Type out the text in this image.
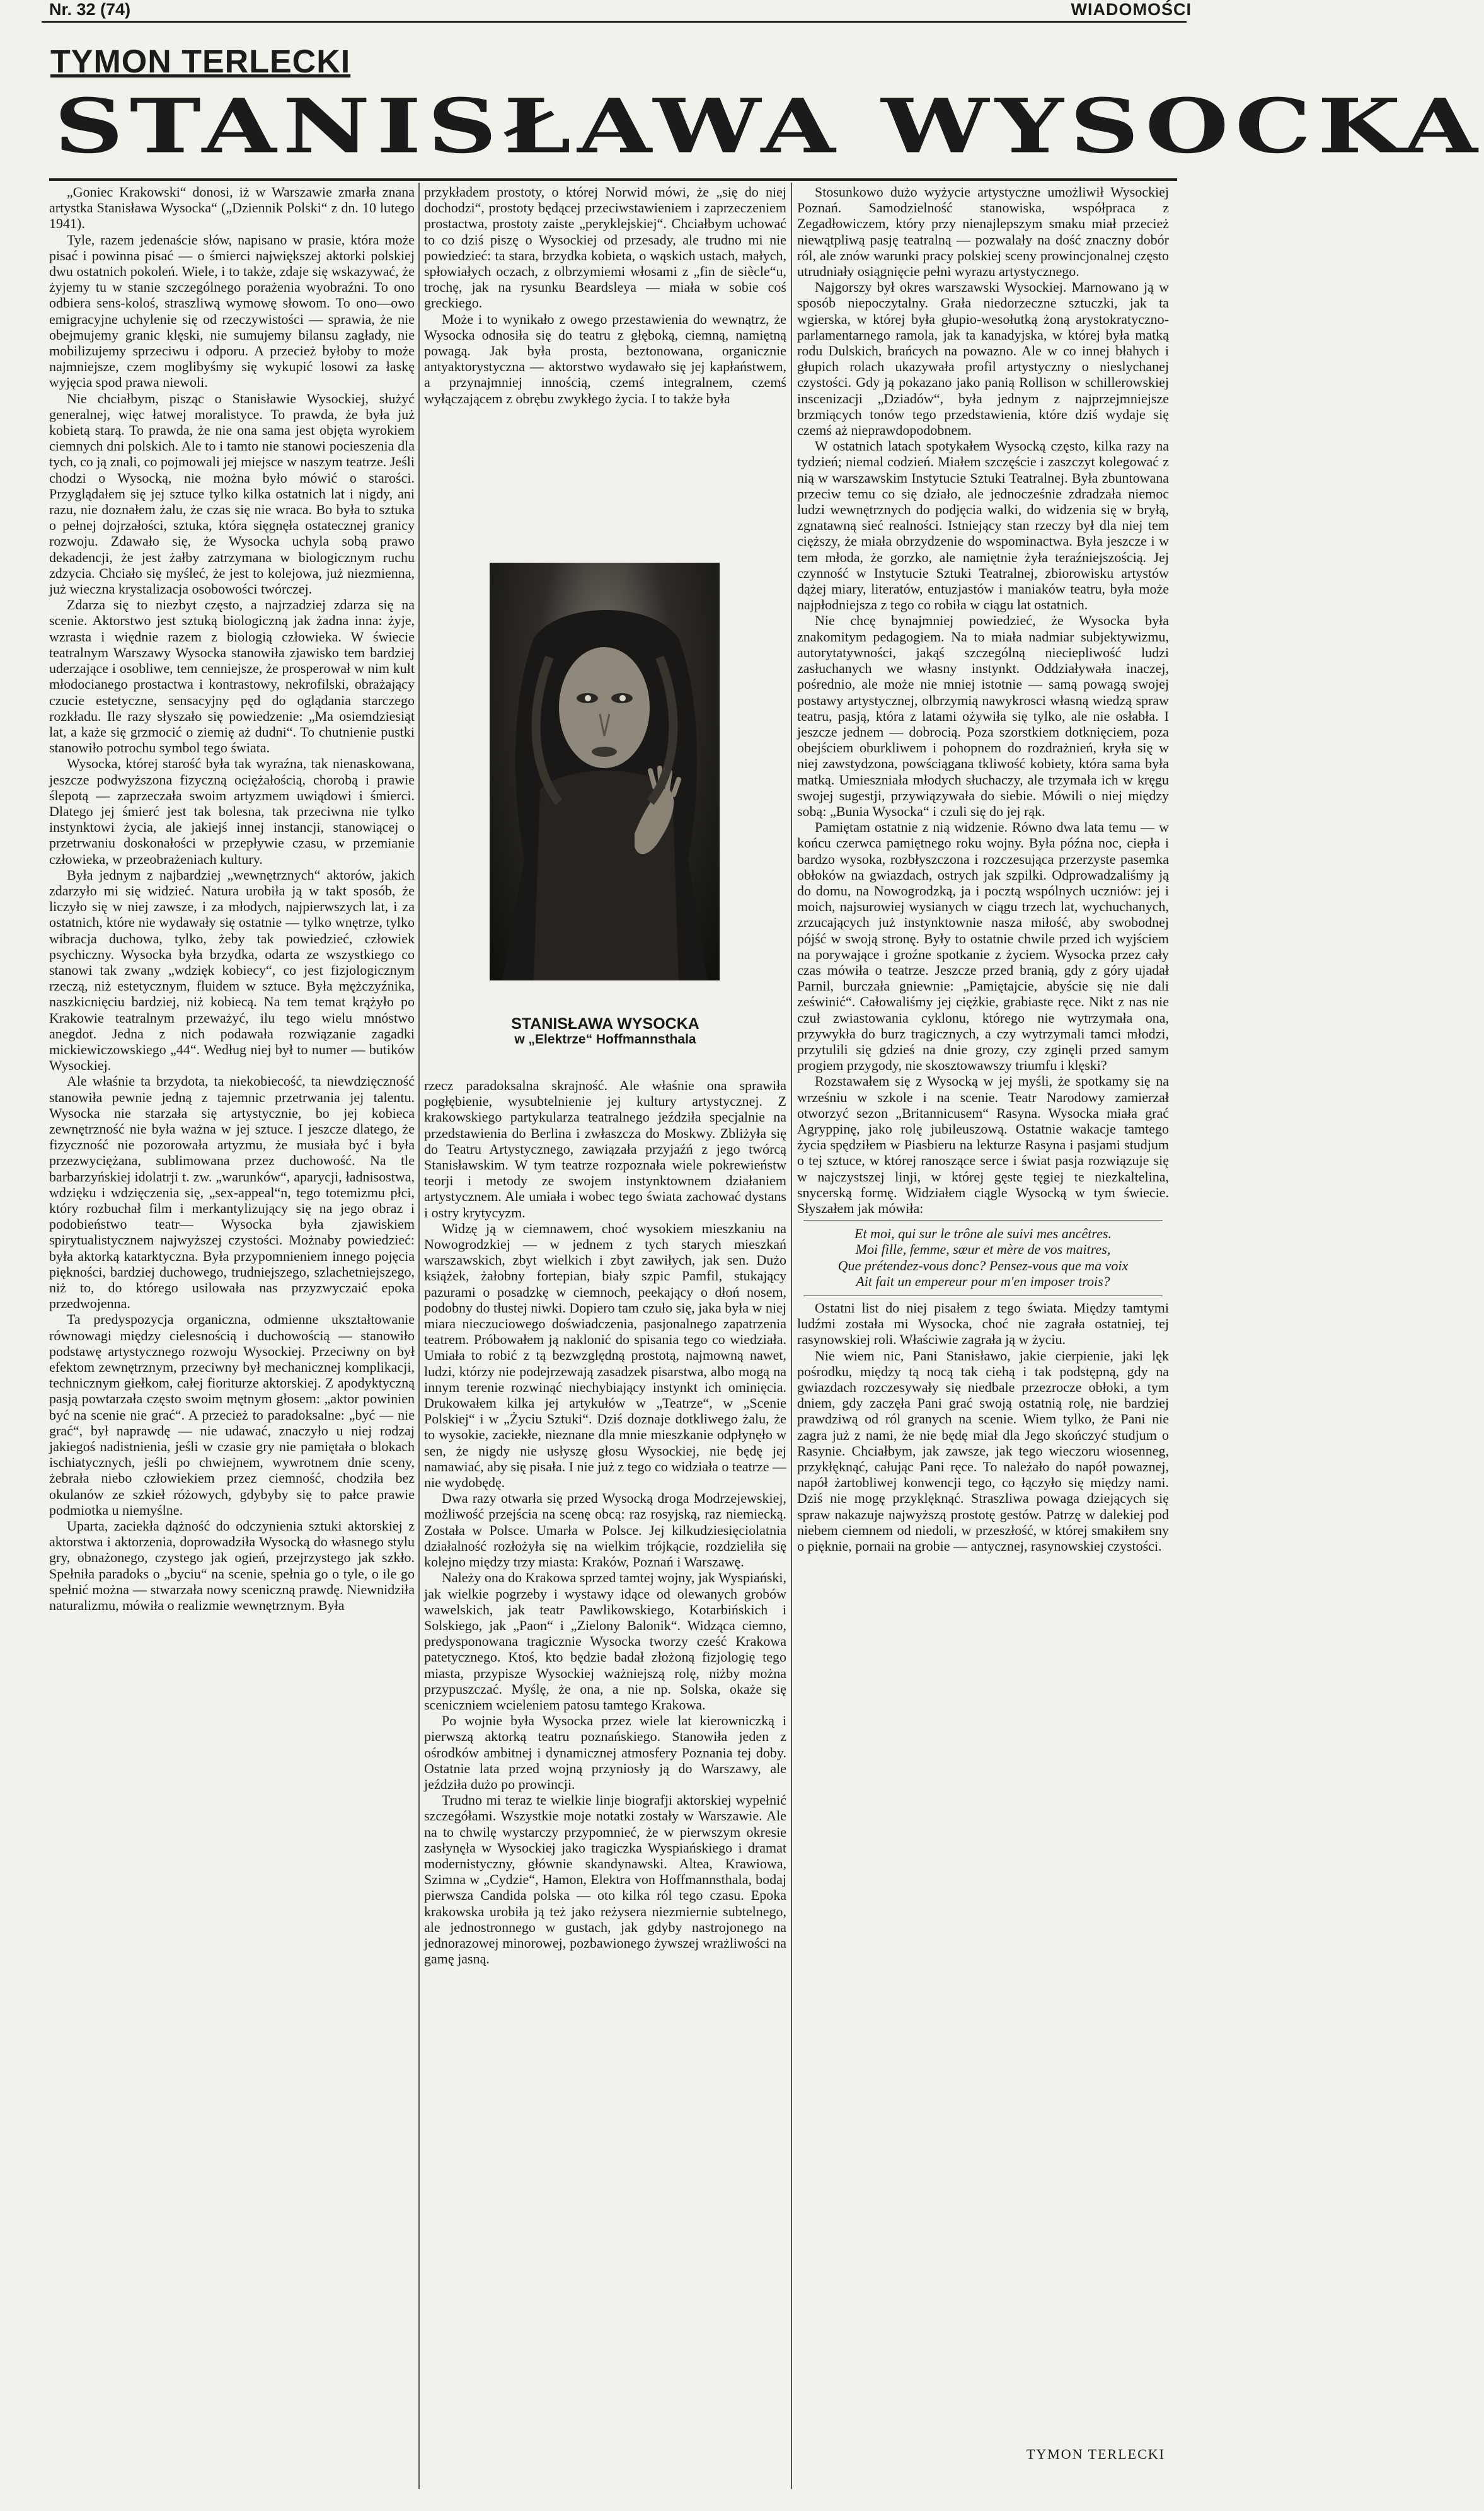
Nr. 32 (74)	WIADOMOŚCI
TYMON TERLECKI
STANISŁAWA WYSOCKA

„Goniec Krakowski“ donosi, iż w Warszawie zmarła znana artystka Stanisława Wysocka“ („Dziennik Polski“ z dn. 10 lutego 1941).

Tyle, razem jedenaście słów, napisano w prasie, która może pisać i powinna pisać — o śmierci największej aktorki polskiej dwu ostatnich pokoleń. Wiele, i to także, zdaje się wskazywać, że żyjemy tu w stanie szczególnego porażenia wyobraźni. To ono odbiera sens-koloś, straszliwą wymowę słowom. To ono—owo emigracyjne uchylenie się od rzeczywistości — sprawia, że nie obejmujemy granic klęski, nie sumujemy bilansu zagłady, nie mobilizujemy sprzeciwu i odporu. A przecież byłoby to może najmniejsze, czem moglibyśmy się wykupić losowi za łaskę wyjęcia spod prawa niewoli.

Nie chciałbym, pisząc o Stanisławie Wysockiej, służyć generalnej, więc łatwej moralistyce. To prawda, że była już kobietą starą. To prawda, że nie ona sama jest objęta wyrokiem ciemnych dni polskich. Ale to i tamto nie stanowi pocieszenia dla tych, co ją znali, co pojmowali jej miejsce w naszym teatrze. Jeśli chodzi o Wysocką, nie można było mówić o starości. Przyglądałem się jej sztuce tylko kilka ostatnich lat i nigdy, ani razu, nie doznałem żalu, że czas się nie wraca. Bo była to sztuka o pełnej dojrzałości, sztuka, która sięgnęła ostatecznej granicy rozwoju. Zdawało się, że Wysocka uchyla sobą prawo dekadencji, że jest żałby zatrzymana w biologicznym ruchu zdzycia. Chciało się myśleć, że jest to kolejowa, już niezmienna, już wieczna krystalizacja osobowości twórczej.

Zdarza się to niezbyt często, a najrzadziej zdarza się na scenie. Aktorstwo jest sztuką biologiczną jak żadna inna: żyje, wzrasta i więdnie razem z biologią człowieka. W świecie teatralnym Warszawy Wysocka stanowiła zjawisko tem bardziej uderzające i osobliwe, tem cenniejsze, że prosperował w nim kult młodocianego prostactwa i kontrastowy, nekrofilski, obrażający czucie estetyczne, sensacyjny pęd do oglądania starczego rozkładu. Ile razy słyszało się powiedzenie: „Ma osiemdziesiąt lat, a każe się grzmocić o ziemię aż dudni“. To chutnienie pustki stanowiło potrochu symbol tego świata.

Wysocka, której starość była tak wyraźna, tak nienaskowana, jeszcze podwyższona fizyczną ociężałością, chorobą i prawie ślepotą — zaprzeczała swoim artyzmem uwiądowi i śmierci. Dlatego jej śmierć jest tak bolesna, tak przeciwna nie tylko instynktowi życia, ale jakiejś innej instancji, stanowiącej o przetrwaniu doskonałości w przepływie czasu, w przemianie człowieka, w przeobrażeniach kultury.

Była jednym z najbardziej „wewnętrznych“ aktorów, jakich zdarzyło mi się widzieć. Natura urobiła ją w takt sposób, że liczyło się w niej zawsze, i za młodych, najpierwszych lat, i za ostatnich, które nie wydawały się ostatnie — tylko wnętrze, tylko wibracja duchowa, tylko, żeby tak powiedzieć, człowiek psychiczny. Wysocka była brzydka, odarta ze wszystkiego co stanowi tak zwany „wdzięk kobiecy“, co jest fizjologicznym rzeczą, niż estetycznym, fluidem w sztuce. Była mężczyźnika, naszkicnięciu bardziej, niż kobiecą. Na tem temat krążyło po Krakowie teatralnym przeważyć, ilu tego wielu mnóstwo anegdot. Jedna z nich podawała rozwiązanie zagadki mickiewiczowskiego „44“. Według niej był to numer — butików Wysockiej.

Ale właśnie ta brzydota, ta niekobiecość, ta niewdzięczność stanowiła pewnie jedną z tajemnic przetrwania jej talentu. Wysocka nie starzała się artystycznie, bo jej kobieca zewnętrzność nie była ważna w jej sztuce. I jeszcze dlatego, że fizyczność nie pozorowała artyzmu, że musiała być i była przezwyciężana, sublimowana przez duchowość. Na tle barbarzyńskiej idolatrji t. zw. „warunków“, aparycji, ładnisostwa, wdzięku i wdzięczenia się, „sex-appeal“n, tego totemizmu płci, który rozbuchał film i merkantylizujący się na jego obraz i podobieństwo teatr— Wysocka była zjawiskiem spirytualistycznem najwyższej czystości. Możnaby powiedzieć: była aktorką katarktyczna. Była przypomnieniem innego pojęcia piękności, bardziej duchowego, trudniejszego, szlachetniejszego, niż to, do którego usilowała nas przyzwyczaić epoka przedwojenna.

Ta predyspozycja organiczna, odmienne ukształtowanie równowagi między cielesnością i duchowością — stanowiło podstawę artystycznego rozwoju Wysockiej. Przeciwny on był efektom zewnętrznym, przeciwny był mechanicznej komplikacji, technicznym giełkom, całej fioriturze aktorskiej. Z apodyktyczną pasją powtarzała często swoim mętnym głosem: „aktor powinien być na scenie nie grać“. A przecież to paradoksalne: „być — nie grać“, był naprawdę — nie udawać, znaczyło u niej rodzaj jakiegoś nadistnienia, jeśli w czasie gry nie pamiętała o blokach ischiatycznych, jeśli po chwiejnem, wywrotnem dnie sceny, żebrała niebo człowiekiem przez ciemność, chodziła bez okulanów ze szkieł różowych, gdybyby się to pałce prawie podmiotka u niemyślne.

Uparta, zaciekła dążność do odczynienia sztuki aktorskiej z aktorstwa i aktorzenia, doprowadziła Wysocką do własnego stylu gry, obnażonego, czystego jak ogień, przejrzystego jak szkło. Spełniła paradoks o „byciu“ na scenie, spełnia go o tyle, o ile go spełnić można — stwarzała nowy sceniczną prawdę. Niewnidziła naturalizmu, mówiła o realizmie wewnętrznym. Była

przykładem prostoty, o której Norwid mówi, że „się do niej dochodzi“, prostoty będącej przeciwstawieniem i zaprzeczeniem prostactwa, prostoty zaiste „peryklejskiej“. Chciałbym uchować to co dziś piszę o Wysockiej od przesady, ale trudno mi nie powiedzieć: ta stara, brzydka kobieta, o wąskich ustach, małych, spłowiałych oczach, z olbrzymiemi włosami z „fin de siècle“u, trochę, jak na rysunku Beardsleya — miała w sobie coś greckiego.

Może i to wynikało z owego przestawienia do wewnątrz, że Wysocka odnosiła się do teatru z głęboką, ciemną, namiętną powagą. Jak była prosta, beztonowana, organicznie antyaktorystyczna — aktorstwo wydawało się jej kapłaństwem, a przynajmniej innością, czemś integralnem, czemś wyłączającem z obrębu zwykłego życia. I to także była

STANISŁAWA WYSOCKA
w „Elektrze“ Hoffmannsthala

rzecz paradoksalna skrajność. Ale właśnie ona sprawiła pogłębienie, wysubtelnienie jej kultury artystycznej. Z krakowskiego partykularza teatralnego jeździła specjalnie na przedstawienia do Berlina i zwłaszcza do Moskwy. Zbliżyła się do Teatru Artystycznego, zawiązała przyjaźń z jego twórcą Stanisławskim. W tym teatrze rozpoznała wiele pokrewieństw teorji i metody ze swojem instynktownem działaniem artystycznem. Ale umiała i wobec tego świata zachować dystans i ostry krytycyzm.

Widzę ją w ciemnawem, choć wysokiem mieszkaniu na Nowogrodzkiej — w jednem z tych starych mieszkań warszawskich, zbyt wielkich i zbyt zawiłych, jak sen. Dużo książek, żałobny fortepian, biały szpic Pamfil, stukający pazurami o posadzkę w ciemnoch, peekający o dłoń nosem, podobny do tłustej niwki. Dopiero tam czuło się, jaka była w niej miara nieczuciowego doświadczenia, pasjonalnego zapatrzenia teatrem. Próbowałem ją naklonić do spisania tego co wiedziała. Umiała to robić z tą bezwzględną prostotą, najmowną nawet, ludzi, którzy nie podejrzewają zasadzek pisarstwa, albo mogą na innym terenie rozwinąć niechybiający instynkt ich ominięcia. Drukowałem kilka jej artykułów w „Teatrze“, w „Scenie Polskiej“ i w „Życiu Sztuki“. Dziś doznaje dotkliwego żalu, że to wysokie, zaciekłe, nieznane dla mnie mieszkanie odpłynęło w sen, że nigdy nie usłyszę głosu Wysockiej, nie będę jej namawiać, aby się pisała. I nie już z tego co widziała o teatrze — nie wydobędę.

Dwa razy otwarła się przed Wysocką droga Modrzejewskiej, możliwość przejścia na scenę obcą: raz rosyjską, raz niemiecką. Została w Polsce. Umarła w Polsce. Jej kilkudziesięciolatnia działalność rozłożyła się na wielkim trójkącie, rozdzieliła się kolejno między trzy miasta: Kraków, Poznań i Warszawę.

Należy ona do Krakowa sprzed tamtej wojny, jak Wyspiański, jak wielkie pogrzeby i wystawy idące od olewanych grobów wawelskich, jak teatr Pawlikowskiego, Kotarbińskich i Solskiego, jak „Paon“ i „Zielony Balonik“. Widząca ciemno, predysponowana tragicznie Wysocka tworzy cześć Krakowa patetycznego. Ktoś, kto będzie badał złożoną fizjologię tego miasta, przypisze Wysockiej ważniejszą rolę, niżby można przypuszczać. Myślę, że ona, a nie np. Solska, okaże się sceniczniem wcieleniem patosu tamtego Krakowa.

Po wojnie była Wysocka przez wiele lat kierowniczką i pierwszą aktorką teatru poznańskiego. Stanowiła jeden z ośrodków ambitnej i dynamicznej atmosfery Poznania tej doby. Ostatnie lata przed wojną przyniosły ją do Warszawy, ale jeździła dużo po prowincji.

Trudno mi teraz te wielkie linje biografji aktorskiej wypełnić szczegółami. Wszystkie moje notatki zostały w Warszawie. Ale na to chwilę wystarczy przypomnieć, że w pierwszym okresie zasłynęła w Wysockiej jako tragiczka Wyspiańskiego i dramat modernistyczny, głównie skandynawski. Altea, Krawiowa, Szimna w „Cydzie“, Hamon, Elektra von Hoffmannsthala, bodaj pierwsza Candida polska — oto kilka ról tego czasu. Epoka krakowska urobiła ją też jako reżysera niezmiernie subtelnego, ale jednostronnego w gustach, jak gdyby nastrojonego na jednorazowej minorowej, pozbawionego żywszej wrażliwości na gamę jasną.

Stosunkowo dużo wyżycie artystyczne umożliwił Wysockiej Poznań. Samodzielność stanowiska, współpraca z Zegadłowiczem, który przy nienajlepszym smaku miał przecież niewątpliwą pasję teatralną — pozwalały na dość znaczny dobór ról, ale znów warunki pracy polskiej sceny prowincjonalnej często utrudniały osiągnięcie pełni wyrazu artystycznego.

Najgorszy był okres warszawski Wysockiej. Marnowano ją w sposób niepoczytalny. Grała niedorzeczne sztuczki, jak ta wgierska, w której była głupio-wesołutką żoną arystokratyczno-parlamentarnego ramola, jak ta kanadyjska, w której była matką rodu Dulskich, brańcych na powazno. Ale w co innej błahych i głupich rolach ukazywała profil artystyczny o nieslychanej czystości. Gdy ją pokazano jako panią Rollison w schillerowskiej inscenizacji „Dziadów“, była jednym z najprzejmniejsze brzmiących tonów tego przedstawienia, które dziś wydaje się czemś aż nieprawdopodobnem.

W ostatnich latach spotykałem Wysocką często, kilka razy na tydzień; niemal codzień. Miałem szczęście i zaszczyt kolegować z nią w warszawskim Instytucie Sztuki Teatralnej. Była zbuntowana przeciw temu co się działo, ale jednocześnie zdradzała niemoc ludzi wewnętrznych do podjęcia walki, do widzenia się w bryłą, zgnatawną sieć realności. Istniejący stan rzeczy był dla niej tem cięższy, że miała obrzydzenie do wspominactwa. Była jeszcze i w tem młoda, że gorzko, ale namiętnie żyła teraźniejszością. Jej czynność w Instytucie Sztuki Teatralnej, zbiorowisku artystów dążej miary, literatów, entuzjastów i maniaków teatru, była może najpłodniejsza z tego co robiła w ciągu lat ostatnich.

Nie chcę bynajmniej powiedzieć, że Wysocka była znakomitym pedagogiem. Na to miała nadmiar subjektywizmu, autorytatywności, jakąś szczególną nieciepliwość ludzi zasłuchanych we własny instynkt. Oddziaływała inaczej, pośrednio, ale może nie mniej istotnie — samą powagą swojej postawy artystycznej, olbrzymią nawykrosci własną wiedzą spraw teatru, pasją, która z latami ożywiła się tylko, ale nie osłabła. I jeszcze jednem — dobrocią. Poza szorstkiem dotknięciem, poza obejściem oburkliwem i pohopnem do rozdrażnień, kryła się w niej zawstydzona, powściągana tkliwość kobiety, która sama była matką. Umieszniała młodych słuchaczy, ale trzymała ich w kręgu swojej sugestji, przywiązywała do siebie. Mówili o niej między sobą: „Bunia Wysocka“ i czuli się do jej rąk.

Pamiętam ostatnie z nią widzenie. Równo dwa lata temu — w końcu czerwca pamiętnego roku wojny. Była późna noc, ciepła i bardzo wysoka, rozbłyszczona i rozczesująca przerzyste pasemka obłoków na gwiazdach, ostrych jak szpilki. Odprowadzaliśmy ją do domu, na Nowogrodzką, ja i pocztą wspólnych uczniów: jej i moich, najsurowiej wysianych w ciągu trzech lat, wychuchanych, zrzucających już instynktownie nasza miłość, aby swobodnej pójść w swoją stronę. Były to ostatnie chwile przed ich wyjściem na porywające i groźne spotkanie z życiem. Wysocka przez cały czas mówiła o teatrze. Jeszcze przed branią, gdy z góry ujadał Parnil, burczała gniewnie: „Pamiętajcie, abyście się nie dali ześwinić“. Całowaliśmy jej ciężkie, grabiaste ręce. Nikt z nas nie czuł zwiastowania cyklonu, którego nie wytrzymała ona, przywykła do burz tragicznych, a czy wytrzymali tamci młodzi, przytulili się gdzieś na dnie grozy, czy zginęli przed samym progiem przygody, nie skosztowawszy triumfu i klęski?

Rozstawałem się z Wysocką w jej myśli, że spotkamy się na wrześniu w szkole i na scenie. Teatr Narodowy zamierzał otworzyć sezon „Britannicusem“ Rasyna. Wysocka miała grać Agryppinę, jako rolę jubileuszową. Ostatnie wakacje tamtego życia spędziłem w Piasbieru na lekturze Rasyna i pasjami studjum o tej sztuce, w której ranoszące serce i świat pasja rozwiązuje się w najczystszej linji, w której gęste tęgiej te niezkaltelina, snycerską formę. Widziałem ciągle Wysocką w tym świecie. Słyszałem jak mówiła:

Et moi, qui sur le trône ale suivi mes ancêtres.

Moi fille, femme, sœur et mère de vos maitres,

Que prétendez-vous donc? Pensez-vous que ma voix

Ait fait un empereur pour m'en imposer trois?

Ostatni list do niej pisałem z tego świata. Między tamtymi ludźmi została mi Wysocka, choć nie zagrała ostatniej, tej rasynowskiej roli. Właściwie zagrała ją w życiu.

Nie wiem nic, Pani Stanisławo, jakie cierpienie, jaki lęk pośrodku, między tą nocą tak ciehą i tak podstępną, gdy na gwiazdach rozczesywały się niedbale przezrocze obłoki, a tym dniem, gdy zaczęła Pani grać swoją ostatnią rolę, nie bardziej prawdziwą od ról granych na scenie. Wiem tylko, że Pani nie zagra już z nami, że nie będę miał dla Jego skończyć studjum o Rasynie. Chciałbym, jak zawsze, jak tego wieczoru wiosenneg, przykłęknąć, całując Pani ręce. To należało do napół powaznej, napół żartobliwej konwencji tego, co łączyło się między nami. Dziś nie mogę przyklęknąć. Straszliwa powaga dziejących się spraw nakazuje najwyższą prostotę gestów. Patrzę w dalekiej pod niebem ciemnem od niedoli, w przeszłość, w której smakiłem sny o pięknie, pornaii na grobie — antycznej, rasynowskiej czystości.

TYMON TERLECKI
